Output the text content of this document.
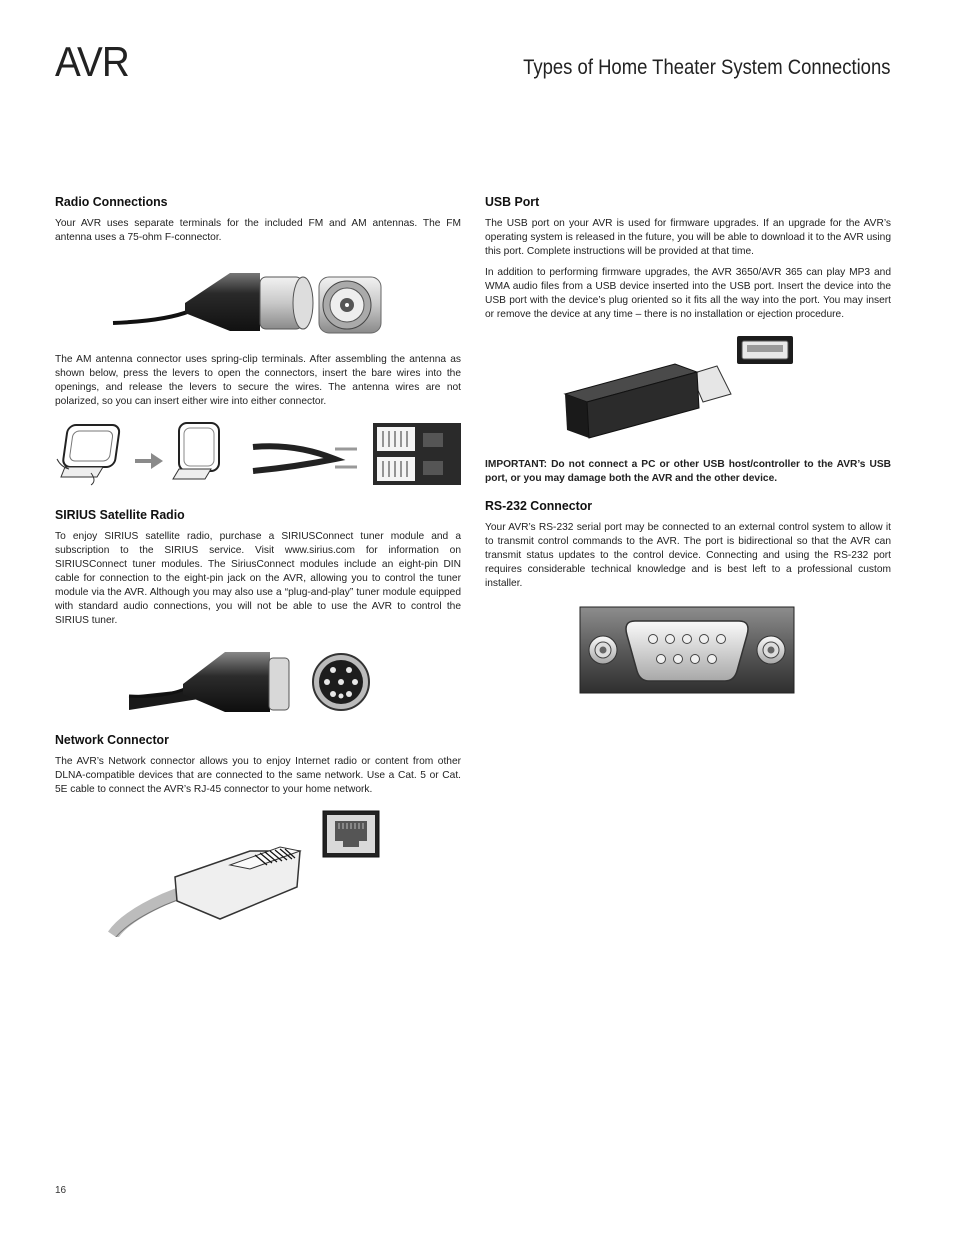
AVR	Types of Home Theater System Connections
Radio Connections

Your AVR uses separate terminals for the included FM and AM antennas. The FM antenna uses a 75-ohm F-connector.

The AM antenna connector uses spring-clip terminals. After assembling the antenna as shown below, press the levers to open the connectors, insert the bare wires into the openings, and release the levers to secure the wires. The antenna wires are not polarized, so you can insert either wire into either connector.

SIRIUS Satellite Radio

To enjoy SIRIUS satellite radio, purchase a SIRIUSConnect tuner module and a subscription to the SIRIUS service. Visit www.sirius.com for information on SIRIUSConnect tuner modules. The SiriusConnect modules include an eight-pin DIN cable for connection to the eight-pin jack on the AVR, allowing you to control the tuner module via the AVR. Although you may also use a “plug-and-play” tuner module equipped with standard audio connections, you will not be able to use the AVR to control the SIRIUS tuner.

Network Connector

The AVR’s Network connector allows you to enjoy Internet radio or content from other DLNA-compatible devices that are connected to the same network. Use a Cat. 5 or Cat. 5E cable to connect the AVR’s RJ-45 connector to your home network.

USB Port

The USB port on your AVR is used for firmware upgrades. If an upgrade for the AVR’s operating system is released in the future, you will be able to download it to the AVR using this port. Complete instructions will be provided at that time.

In addition to performing firmware upgrades, the AVR 3650/AVR 365 can play MP3 and WMA audio files from a USB device inserted into the USB port. Insert the device into the USB port with the device’s plug oriented so it fits all the way into the port. You may insert or remove the device at any time – there is no installation or ejection procedure.

IMPORTANT: Do not connect a PC or other USB host/controller to the AVR’s USB port, or you may damage both the AVR and the other device.

RS-232 Connector

Your AVR’s RS-232 serial port may be connected to an external control system to allow it to transmit control commands to the AVR. The port is bidirectional so that the AVR can transmit status updates to the control device. Connecting and using the RS-232 port requires considerable technical knowledge and is best left to a professional custom installer.

16
